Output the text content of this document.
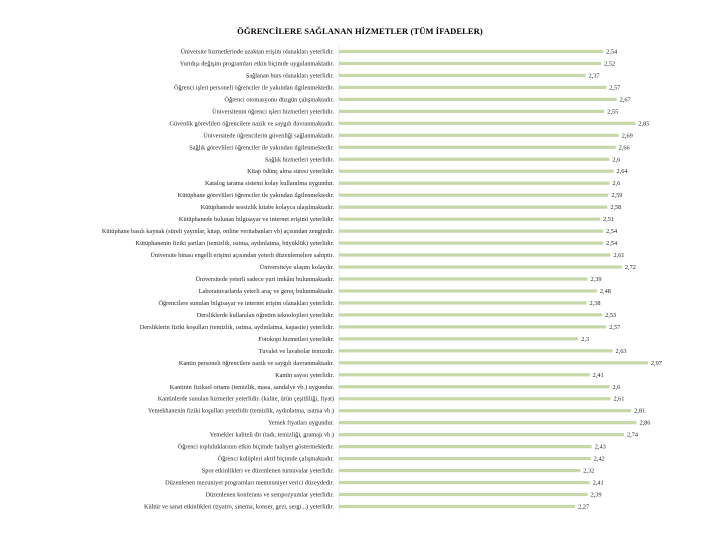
ÖĞRENCİLERE SAĞLANAN HİZMETLER (TÜM İFADELER)
Üniversite hizmetlerinde uzaktan erişim olanakları yeterlidir.	2,54
Yurtdışı değişim programları etkin biçimde uygulanmaktadır.	2,52
Sağlanan burs olanakları yeterlidir.	2,37
Öğrenci işleri personeli öğrenciler ile yakından ilgilenmektedir.	2,57
Öğrenci otomasyonu düzgün çalışmaktadır.	2,67
Üniversitenin öğrenci işleri hizmetleri yeterlidir.	2,55
Güvenlik görevlileri öğrencilere nazik ve saygılı davranmaktadır.	2,85
Üniversitede öğrencilerin güvenliği sağlanmaktadır.	2,69
Sağlık görevlileri öğrenciler ile yakından ilgilenmektedir.	2,66
Sağlık hizmetleri yeterlidir.	2,6
Kitap ödünç alma süresi yeterlidir.	2,64
Katalog tarama sistemi kolay kullanılma uygundur.	2,6
Kütüphane görevlileri öğrenciler ile yakından ilgilenmektedir.	2,59
Kütüphanede sessizlik kitabe kolayca ulaşılmaktadır.	2,58
Kütüphanede bulunan bilgisayar ve internet erişimi yeterlidir.	2,51
Kütüphane basılı kaynak (süreli yayınlar, kitap, online veritabanları vb) açısından zengindir.	2,54
Kütüphanenin fiziki şartları (temizlik, ısıtma, aydınlatma, büyüklük) yeterlidir.	2,54
Üniversite binası engelli erişimi açısından yeterli düzenlemelere sahiptir.	2,61
Üniversiteye ulaşım kolaydır.	2,72
Üniversitede yeterli sadece yurt imkânı bulunmaktadır.	2,39
Laboratuvarlarda yeterli araç ve gereç bulunmaktadır.	2,48
Öğrencilere sunulan bilgisayar ve internet erişim olanakları yeterlidir.	2,38
Dersliklerde kullanılan öğretim teknolojileri yeterlidir.	2,53
Dersliklerin fiziki koşulları (temizlik, ısıtma, aydınlatma, kapasite) yeterlidir.	2,57
Fotokopi hizmetleri yeterlidir.	2,3
Tuvalet ve lavabolar temizdir.	2,63
Kantin personeli öğrencilere nazik ve saygılı davranmaktadır.	2,97
Kantin sayısı yeterlidir.	2,41
Kantinin fiziksel ortamı (temizlik, masa, sandalye vb.) uygundur.	2,6
Kantinlerde sunulan hizmetler yeterlidir. (kalite, ürün çeşitliliği, fiyat)	2,61
Yemekhanenin fiziki koşulları yeterlidir (temizlik, aydınlatma, ısıtma vb.)	2,81
Yemek fiyatları uygundur.	2,86
Yemekler kaliteli dir (tadı, temizliği, gramajı vb.)	2,74
Öğrenci topluluklarının etkin biçimde faaliyet göstermektedir.	2,43
Öğrenci kulüpleri aktif biçimde çalışmaktadır.	2,42
Spor etkinlikleri ve düzenlenen turnuvalar yeterlidir.	2,32
Düzenlenen mezuniyet programları memnuniyet verici düzeydedir.	2,41
Düzenlenen konferans ve sempozyumlar yeterlidir.	2,39
Kültür ve sanat etkinlikleri (tiyatro, sinema, konser, gezi, sergi...) yeterlidir.	2,27
